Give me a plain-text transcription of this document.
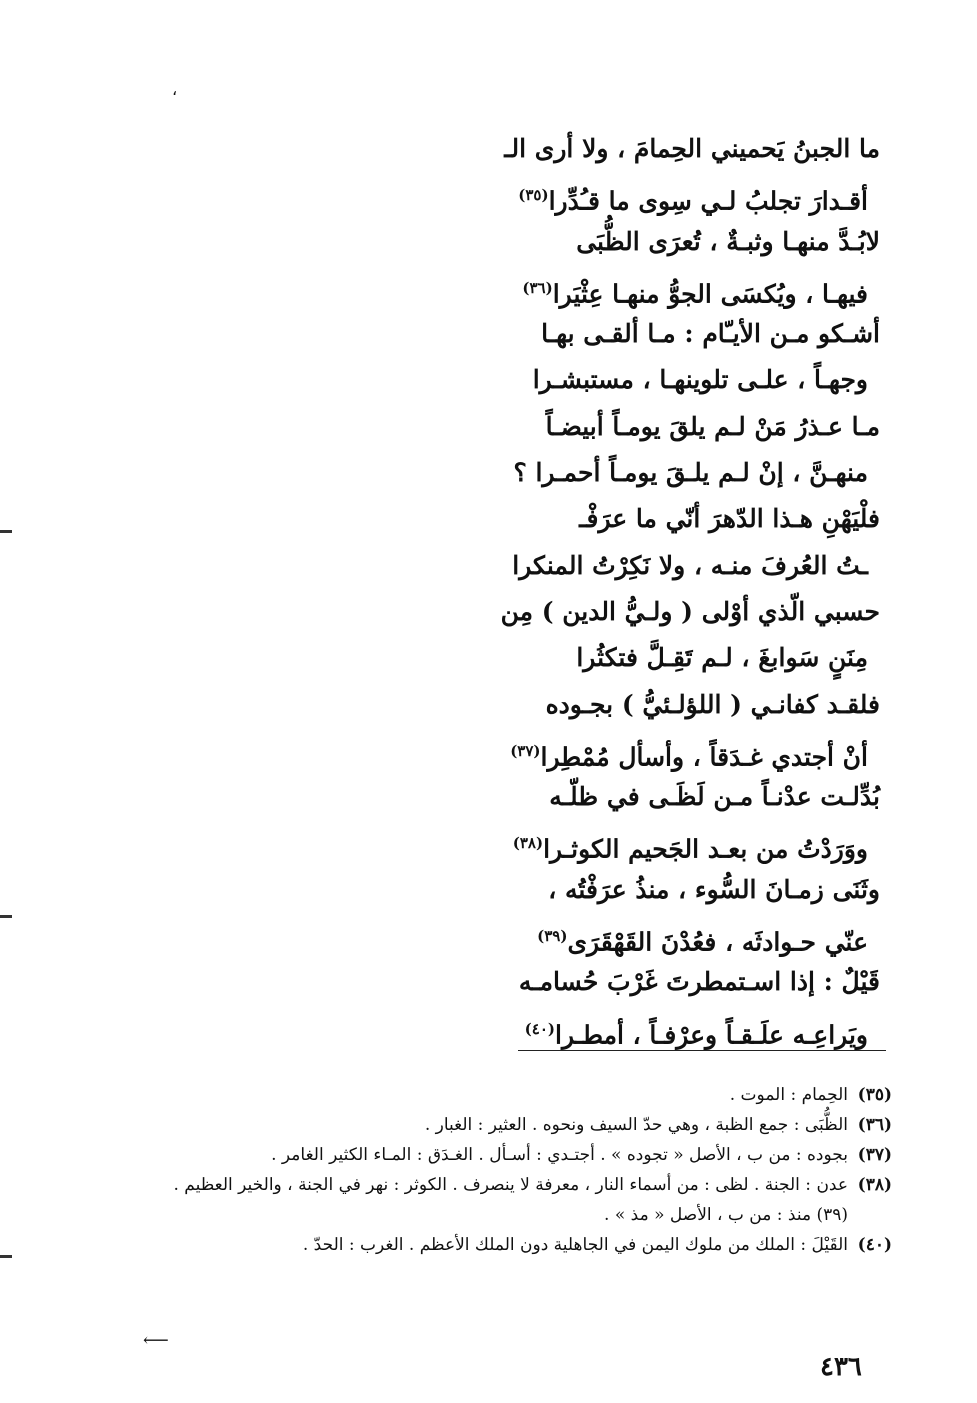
،
ما الجبنُ يَحميني الحِمامَ ، ولا أرى الـ
أقـدارَ تجلبُ لـي سِوى ما قـُدِّرا$^{(٣٥)}$
لابُـدَّ منهـا وثبـةٌ ، تُعرَى الظُّبَى
فيهـا ، ويُكسَى الجوُّ منهـا عِثْيَرا$^{(٣٦)}$
أشـكو مـن الأيـّام : مـا ألقـى بهـا
وجهـاً ، علـى تلوينهـا ، مستبشـرا
مـا عـذرُ مَنْ لـم يلقَ يومـاً أبيضـاً
منهـنَّ ، إنْ لـم يلـقَ يومـاً أحمـرا ؟
فلْيَهْنِ هـذا الدّهرَ أنّي ما عرَفْـ
ـتُ العُرفَ منـه ، ولا نَكِرْتُ المنكرا
حسبي الّذي أوْلى ( ولـيُّ الدين ) مِن
مِنَنٍ سَوابغَ ، لـم تَقِـلَّ فتكثُرا
فلقـد كفانـي ( اللؤلـئيُّ ) بجـوده
أنْ أجتدي غـدَقاً ، وأسأل مُمْطِرا$^{(٣٧)}$
بُدِّلـت عدْنـاً مـن لَظَـى في ظلّـه
ووَرَدْتُ من بعـد الجَحيم الكوثـرا$^{(٣٨)}$
وثَنَى زمـانَ السُّوء ، منذُ عرَفْتُه ،
عنّي حـوادثَه ، فعُدْنَ القَهْقَرَى$^{(٣٩)}$
قَيْلٌ : إذا اسـتمطرتَ غَرْبَ حُسامـه
ويَراعِـه علَـقـاً وعرْفـاً ، أمطـرا$^{(٤٠)}$
(٣٥)
الحِمام : الموت .
(٣٦)
الظُّبَى : جمع الظبة ، وهي حدّ السيف ونحوه . العثير : الغبار .
(٣٧)
بجوده : من ب ، الأصل « تجوده » . أجتـدي : أسـأل . الغـدَق : المـاء الكثير الغامر .
(٣٨)
عدن : الجنة . لظى : من أسماء النار ، معرفة لا ينصرف . الكوثر : نهر في الجنة ، والخير العظيم . (٣٩) منذ : من ب ، الأصل « مذ » .
(٤٠)
القَيْلَ : الملك من ملوك اليمن في الجاهلية دون الملك الأعظم . الغرب : الحدّ .
⟵
٤٣٦
